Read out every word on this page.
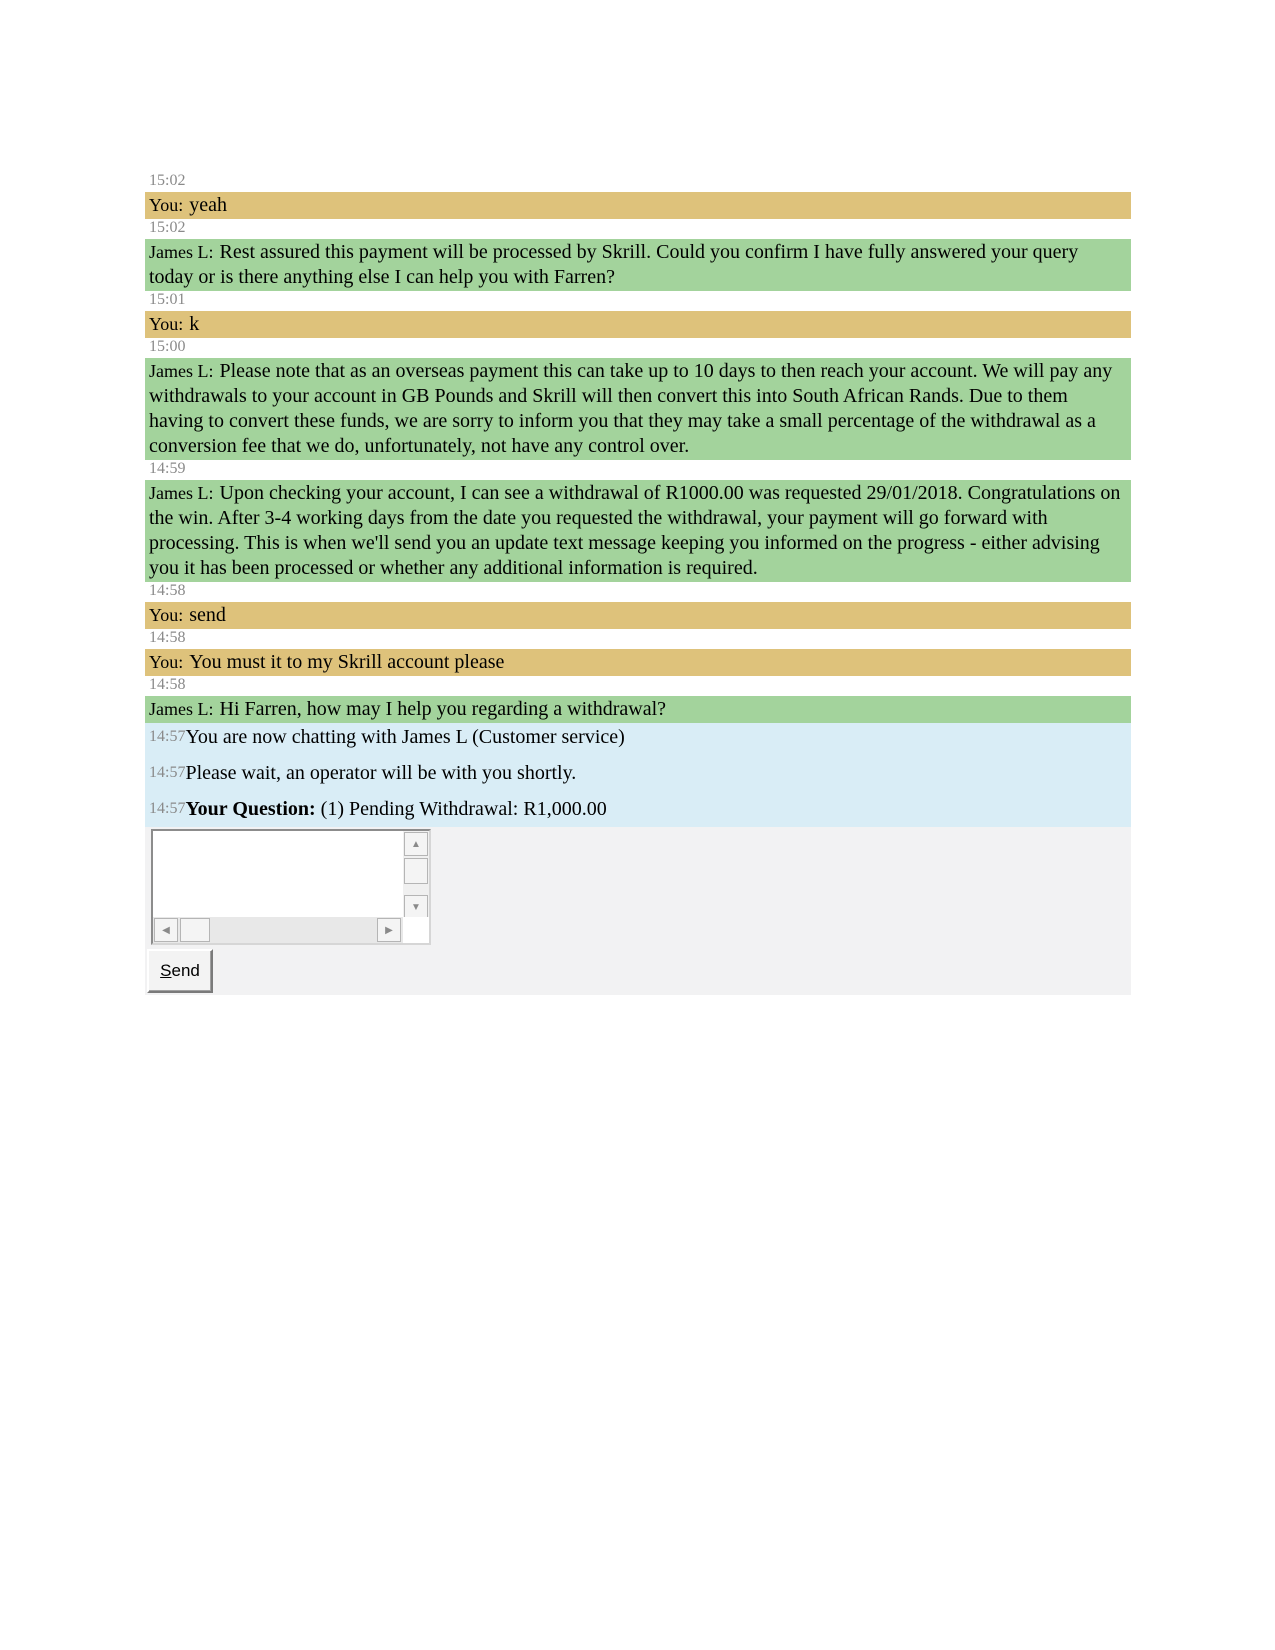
15:02
You: yeah
15:02
James L: Rest assured this payment will be processed by Skrill. Could you confirm I have fully answered your query today or is there anything else I can help you with Farren?
15:01
You: k
15:00
James L: Please note that as an overseas payment this can take up to 10 days to then reach your account. We will pay any withdrawals to your account in GB Pounds and Skrill will then convert this into South African Rands. Due to them having to convert these funds, we are sorry to inform you that they may take a small percentage of the withdrawal as a conversion fee that we do, unfortunately, not have any control over.
14:59
James L: Upon checking your account, I can see a withdrawal of R1000.00 was requested 29/01/2018. Congratulations on the win. After 3-4 working days from the date you requested the withdrawal, your payment will go forward with processing. This is when we'll send you an update text message keeping you informed on the progress - either advising you it has been processed or whether any additional information is required.
14:58
You: send
14:58
You: You must it to my Skrill account please
14:58
James L: Hi Farren, how may I help you regarding a withdrawal?
14:57 You are now chatting with James L (Customer service)
14:57 Please wait, an operator will be with you shortly.
14:57 Your Question: (1) Pending Withdrawal: R1,000.00
▲
▼
◀	▶
Send
